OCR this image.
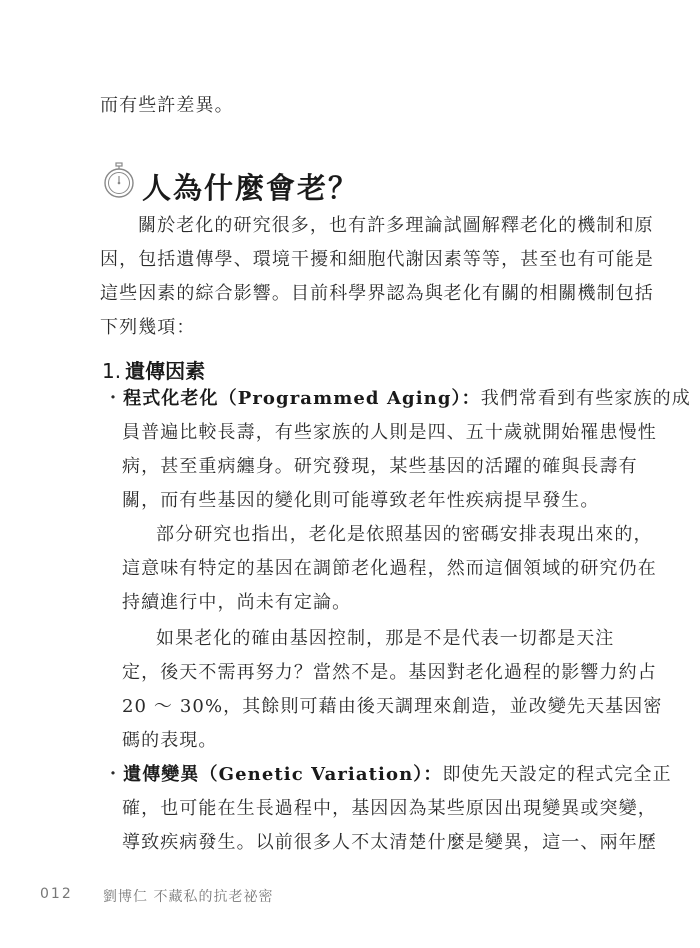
而有些許差異。
人為什麼會老？
關於老化的研究很多，也有許多理論試圖解釋老化的機制和原
因，包括遺傳學、環境干擾和細胞代謝因素等等，甚至也有可能是
這些因素的綜合影響。目前科學界認為與老化有關的相關機制包括
下列幾項：
1. 遺傳因素
・程式化老化（Programmed Aging）：我們常看到有些家族的成
員普遍比較長壽，有些家族的人則是四、五十歲就開始罹患慢性
病，甚至重病纏身。研究發現，某些基因的活躍的確與長壽有
關，而有些基因的變化則可能導致老年性疾病提早發生。
部分研究也指出，老化是依照基因的密碼安排表現出來的，
這意味有特定的基因在調節老化過程，然而這個領域的研究仍在
持續進行中，尚未有定論。
如果老化的確由基因控制，那是不是代表一切都是天注
定，後天不需再努力？當然不是。基因對老化過程的影響力約占
20 ～ 30%，其餘則可藉由後天調理來創造，並改變先天基因密
碼的表現。
・遺傳變異（Genetic Variation）：即使先天設定的程式完全正
確，也可能在生長過程中，基因因為某些原因出現變異或突變，
導致疾病發生。以前很多人不太清楚什麼是變異，這一、兩年歷
012 劉博仁 不藏私的抗老祕密
